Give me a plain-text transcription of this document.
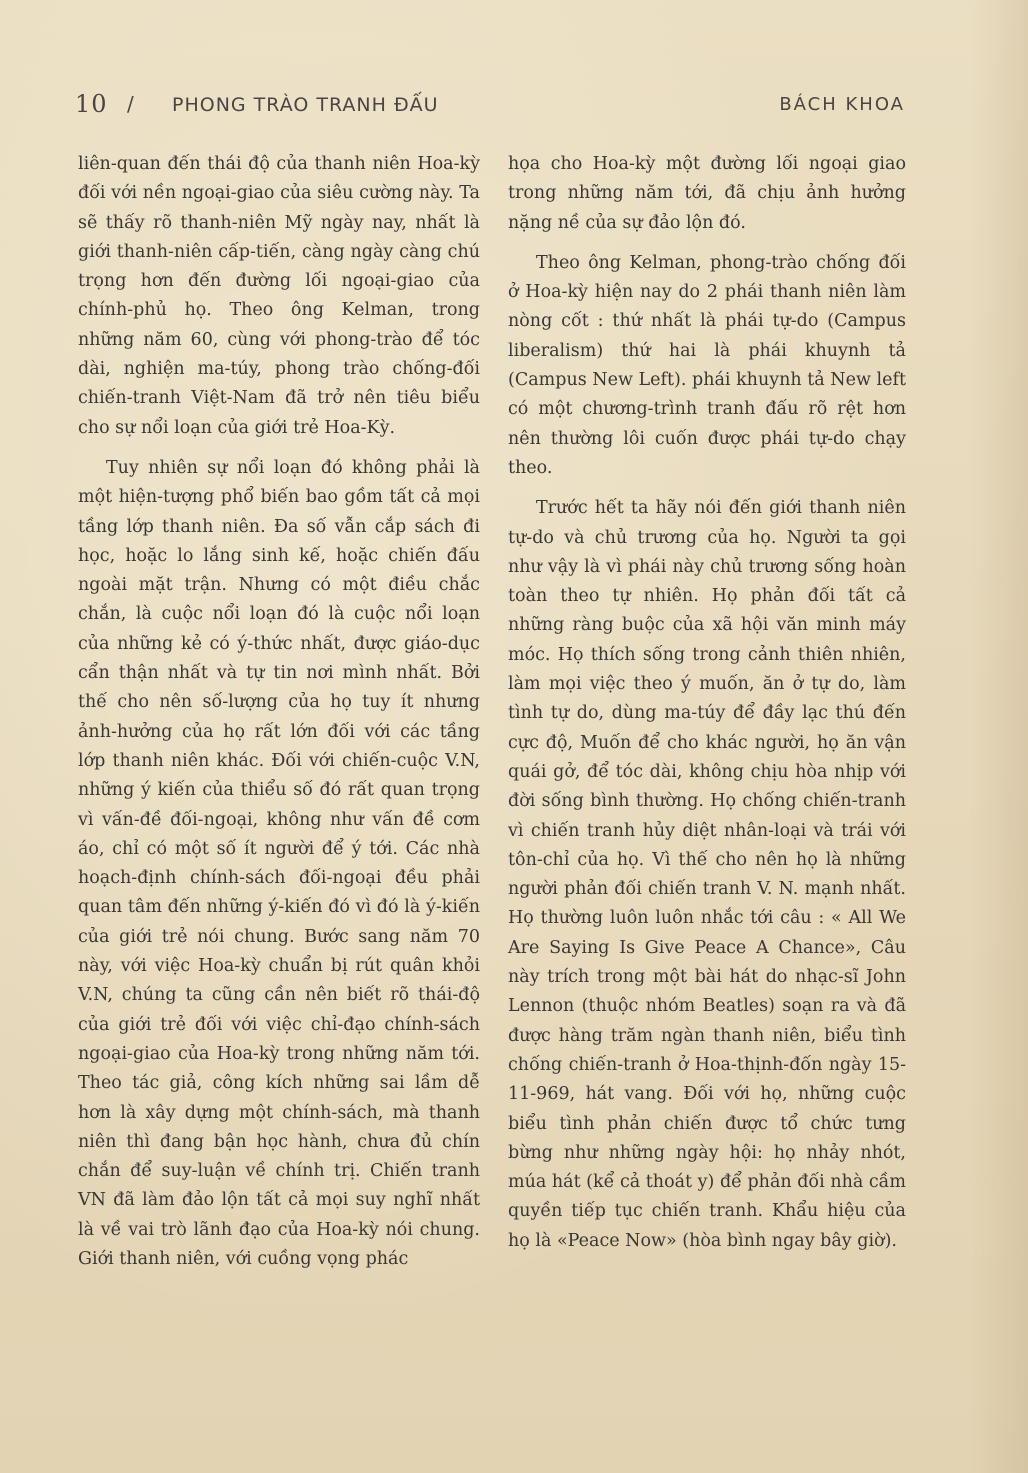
10 / PHONG TRÀO TRANH ĐẤU	BÁCH KHOA

liên-quan đến thái độ của thanh niên Hoa-kỳ đối với nền ngoại-giao của siêu cường này. Ta sẽ thấy rõ thanh-niên Mỹ ngày nay, nhất là giới thanh-niên cấp-tiến, càng ngày càng chú trọng hơn đến đường lối ngoại-giao của chính-phủ họ. Theo ông Kelman, trong những năm 60, cùng với phong-trào để tóc dài, nghiện ma-túy, phong trào chống-đối chiến-tranh Việt-Nam đã trở nên tiêu biểu cho sự nổi loạn của giới trẻ Hoa-Kỳ.

Tuy nhiên sự nổi loạn đó không phải là một hiện-tượng phổ biến bao gồm tất cả mọi tầng lớp thanh niên. Đa số vẫn cắp sách đi học, hoặc lo lắng sinh kế, hoặc chiến đấu ngoài mặt trận. Nhưng có một điều chắc chắn, là cuộc nổi loạn đó là cuộc nổi loạn của những kẻ có ý-thức nhất, được giáo-dục cẩn thận nhất và tự tin nơi mình nhất. Bởi thế cho nên số-lượng của họ tuy ít nhưng ảnh-hưởng của họ rất lớn đối với các tầng lớp thanh niên khác. Đối với chiến-cuộc V.N, những ý kiến của thiểu số đó rất quan trọng vì vấn-đề đối-ngoại, không như vấn đề cơm áo, chỉ có một số ít người để ý tới. Các nhà hoạch-định chính-sách đối-ngoại đều phải quan tâm đến những ý-kiến đó vì đó là ý-kiến của giới trẻ nói chung. Bước sang năm 70 này, với việc Hoa-kỳ chuẩn bị rút quân khỏi V.N, chúng ta cũng cần nên biết rõ thái-độ của giới trẻ đối với việc chỉ-đạo chính-sách ngoại-giao của Hoa-kỳ trong những năm tới. Theo tác giả, công kích những sai lầm dễ hơn là xây dựng một chính-sách, mà thanh niên thì đang bận học hành, chưa đủ chín chắn để suy-luận về chính trị. Chiến tranh VN đã làm đảo lộn tất cả mọi suy nghĩ nhất là về vai trò lãnh đạo của Hoa-kỳ nói chung. Giới thanh niên, với cuồng vọng phác

họa cho Hoa-kỳ một đường lối ngoại giao trong những năm tới, đã chịu ảnh hưởng nặng nề của sự đảo lộn đó.

Theo ông Kelman, phong-trào chống đối ở Hoa-kỳ hiện nay do 2 phái thanh niên làm nòng cốt : thứ nhất là phái tự-do (Campus liberalism) thứ hai là phái khuynh tả (Campus New Left). phái khuynh tả New left có một chương-trình tranh đấu rõ rệt hơn nên thường lôi cuốn được phái tự-do chạy theo.

Trước hết ta hãy nói đến giới thanh niên tự-do và chủ trương của họ. Người ta gọi như vậy là vì phái này chủ trương sống hoàn toàn theo tự nhiên. Họ phản đối tất cả những ràng buộc của xã hội văn minh máy móc. Họ thích sống trong cảnh thiên nhiên, làm mọi việc theo ý muốn, ăn ở tự do, làm tình tự do, dùng ma-túy để đầy lạc thú đến cực độ, Muốn để cho khác người, họ ăn vận quái gở, để tóc dài, không chịu hòa nhịp với đời sống bình thường. Họ chống chiến-tranh vì chiến tranh hủy diệt nhân-loại và trái với tôn-chỉ của họ. Vì thế cho nên họ là những người phản đối chiến tranh V. N. mạnh nhất. Họ thường luôn luôn nhắc tới câu : « All We Are Saying Is Give Peace A Chance», Câu này trích trong một bài hát do nhạc-sĩ John Lennon (thuộc nhóm Beatles) soạn ra và đã được hàng trăm ngàn thanh niên, biểu tình chống chiến-tranh ở Hoa-thịnh-đốn ngày 15-11-969, hát vang. Đối với họ, những cuộc biểu tình phản chiến được tổ chức tưng bừng như những ngày hội: họ nhảy nhót, múa hát (kể cả thoát y) để phản đối nhà cầm quyền tiếp tục chiến tranh. Khẩu hiệu của họ là «Peace Now» (hòa bình ngay bây giờ).
